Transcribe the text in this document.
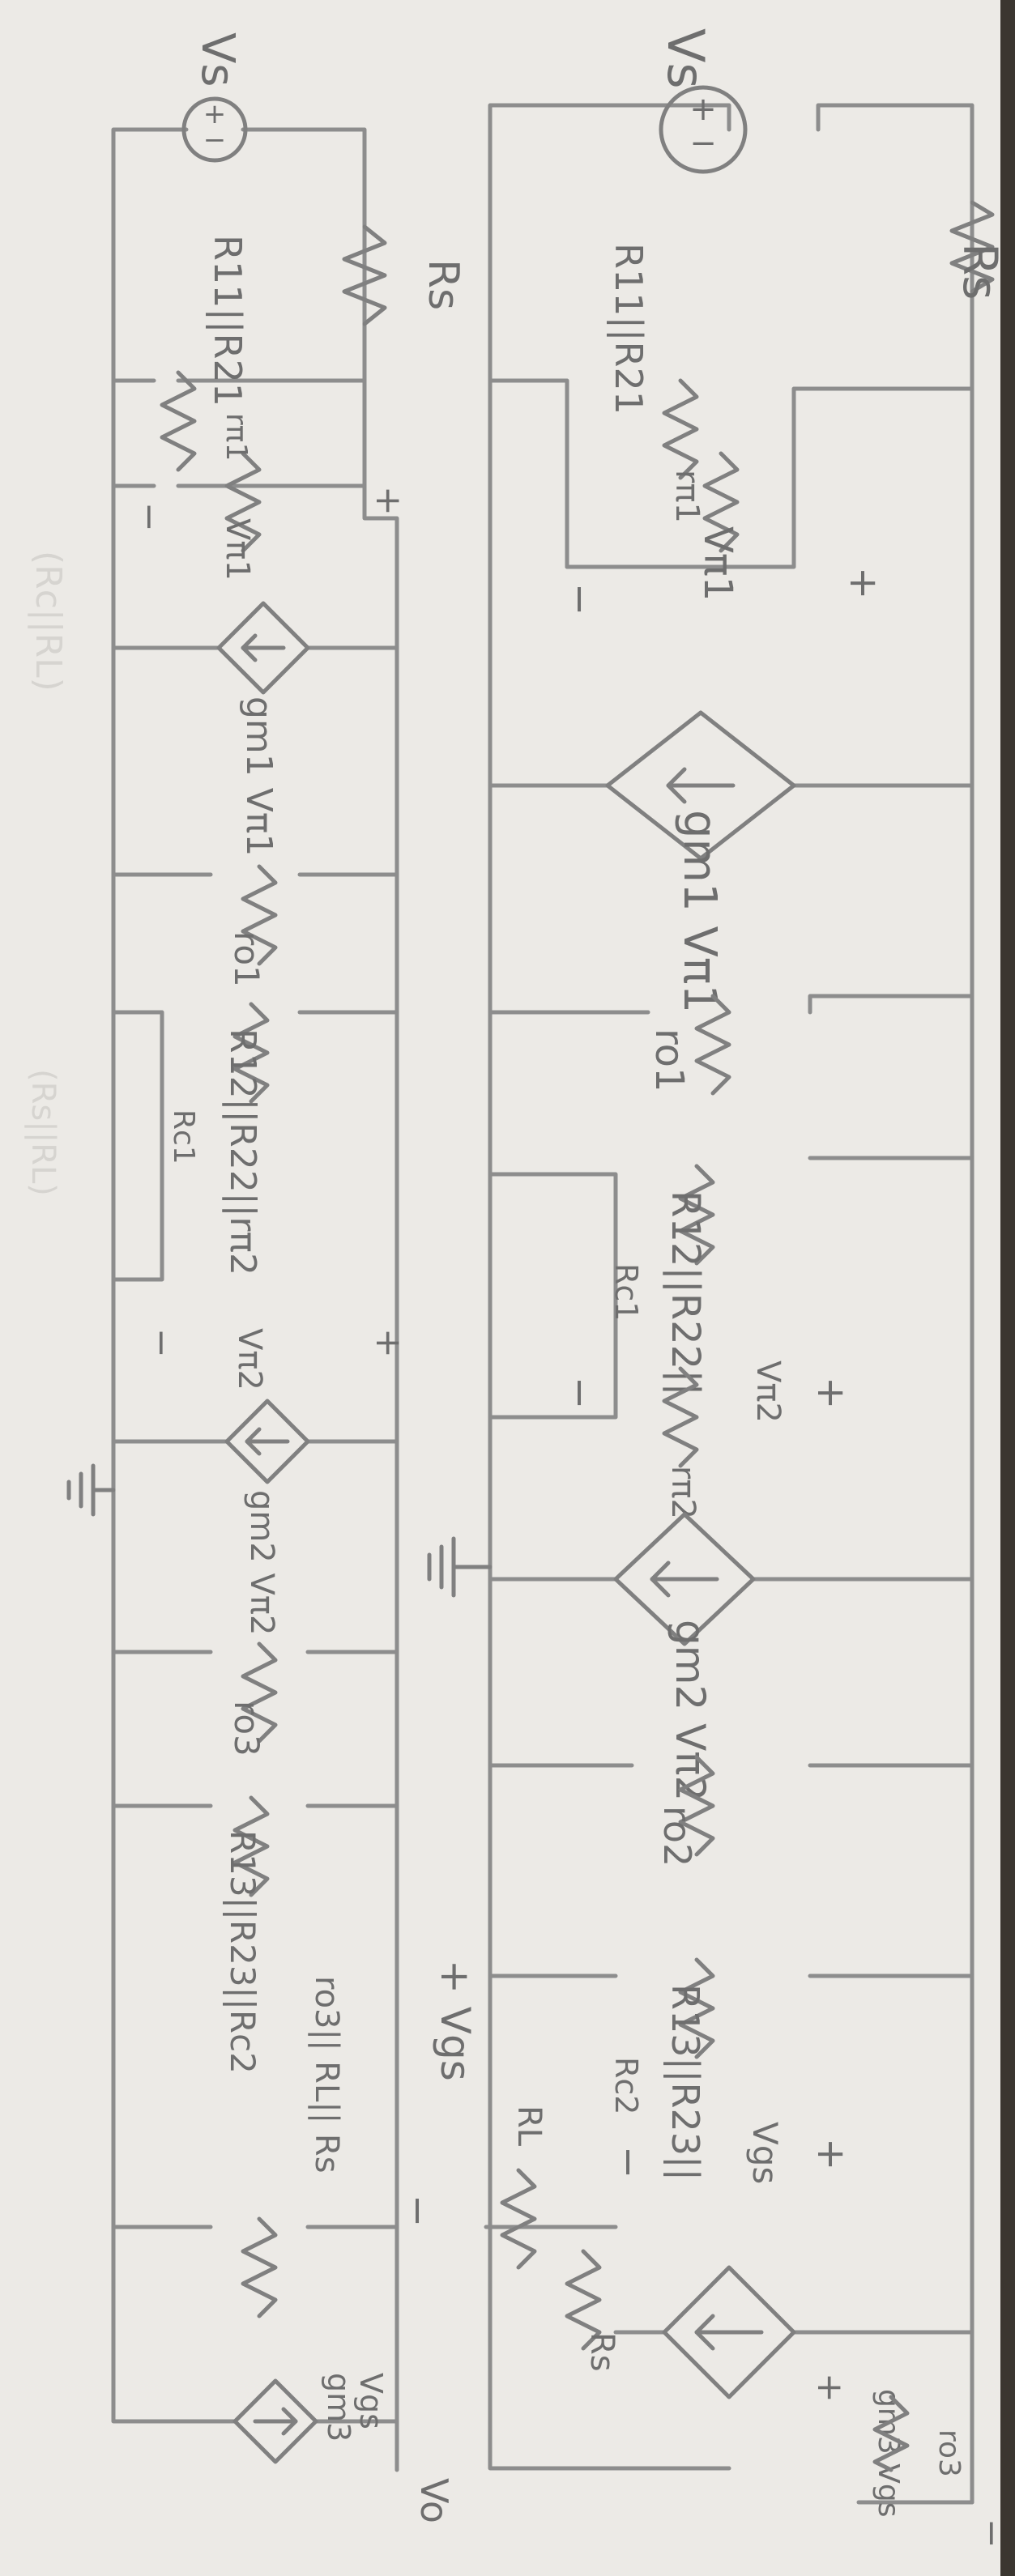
(Rc||RL)
(Rs||RL)
+
−
Vs
Rs
R11||R21
rπ1
Vπ1	+
−
gm1 Vπ1
ro1
R12||R22||
Rc1
rπ2
Vπ2 +
−
gm2 Vπ2
ro2
R13||R23||
Rc2
Vgs +
−
RL
Rs
gm3 Vgs ro3
+
−
+
−
Vs
Rs
R11||R21
rπ1
Vπ1
+
−
gm1 Vπ1
ro1
R12||R22||rπ2
Rc1
Vπ2	+
−
gm2 Vπ2
ro3
R13||R23||Rc2	+ Vgs
−
ro3|| RL|| Rs
gm3
Vgs
Vo
